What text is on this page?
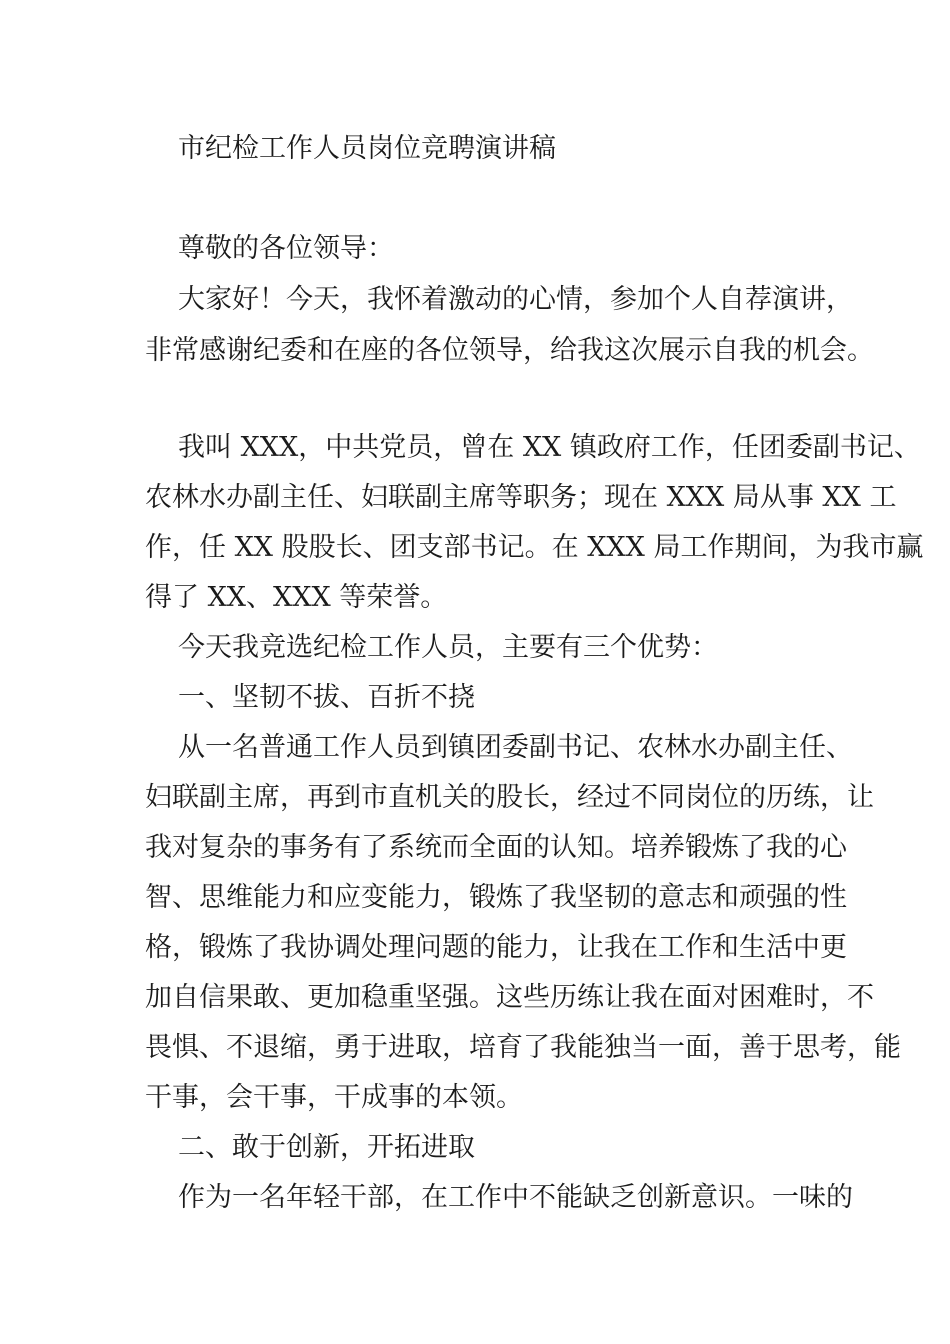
市纪检工作人员岗位竞聘演讲稿
尊敬的各位领导：
大家好！今天，我怀着激动的心情，参加个人自荐演讲，
非常感谢纪委和在座的各位领导，给我这次展示自我的机会。
我叫 XXX，中共党员，曾在 XX 镇政府工作，任团委副书记、
农林水办副主任、妇联副主席等职务；现在 XXX 局从事 XX 工
作，任 XX 股股长、团支部书记。在 XXX 局工作期间，为我市赢
得了 XX、XXX 等荣誉。
今天我竞选纪检工作人员，主要有三个优势：
一、坚韧不拔、百折不挠
从一名普通工作人员到镇团委副书记、农林水办副主任、
妇联副主席，再到市直机关的股长，经过不同岗位的历练，让
我对复杂的事务有了系统而全面的认知。培养锻炼了我的心
智、思维能力和应变能力，锻炼了我坚韧的意志和顽强的性
格，锻炼了我协调处理问题的能力，让我在工作和生活中更
加自信果敢、更加稳重坚强。这些历练让我在面对困难时，不
畏惧、不退缩，勇于进取，培育了我能独当一面，善于思考，能
干事，会干事，干成事的本领。
二、敢于创新，开拓进取
作为一名年轻干部，在工作中不能缺乏创新意识。一味的
